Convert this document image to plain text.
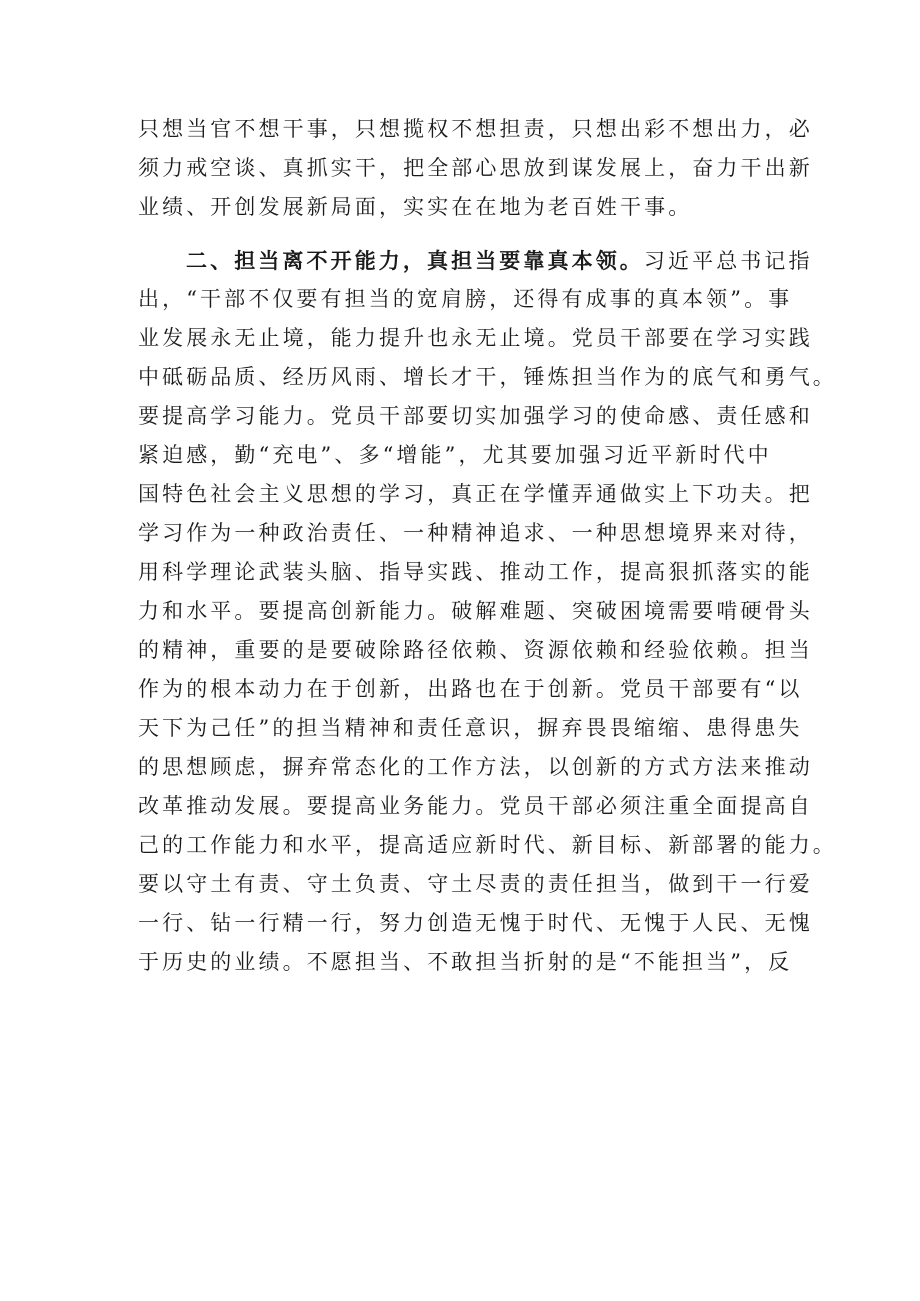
只想当官不想干事，只想揽权不想担责，只想出彩不想出力，必
须力戒空谈、真抓实干，把全部心思放到谋发展上，奋力干出新
业绩、开创发展新局面，实实在在地为老百姓干事。
二、担当离不开能力，真担当要靠真本领。习近平总书记指
出，“干部不仅要有担当的宽肩膀，还得有成事的真本领”。事
业发展永无止境，能力提升也永无止境。党员干部要在学习实践
中砥砺品质、经历风雨、增长才干，锤炼担当作为的底气和勇气。
要提高学习能力。党员干部要切实加强学习的使命感、责任感和
紧迫感，勤“充电”、多“增能”，尤其要加强习近平新时代中
国特色社会主义思想的学习，真正在学懂弄通做实上下功夫。把
学习作为一种政治责任、一种精神追求、一种思想境界来对待，
用科学理论武装头脑、指导实践、推动工作，提高狠抓落实的能
力和水平。要提高创新能力。破解难题、突破困境需要啃硬骨头
的精神，重要的是要破除路径依赖、资源依赖和经验依赖。担当
作为的根本动力在于创新，出路也在于创新。党员干部要有“以
天下为己任”的担当精神和责任意识，摒弃畏畏缩缩、患得患失
的思想顾虑，摒弃常态化的工作方法，以创新的方式方法来推动
改革推动发展。要提高业务能力。党员干部必须注重全面提高自
己的工作能力和水平，提高适应新时代、新目标、新部署的能力。
要以守土有责、守土负责、守土尽责的责任担当，做到干一行爱
一行、钻一行精一行，努力创造无愧于时代、无愧于人民、无愧
于历史的业绩。不愿担当、不敢担当折射的是“不能担当”，反
